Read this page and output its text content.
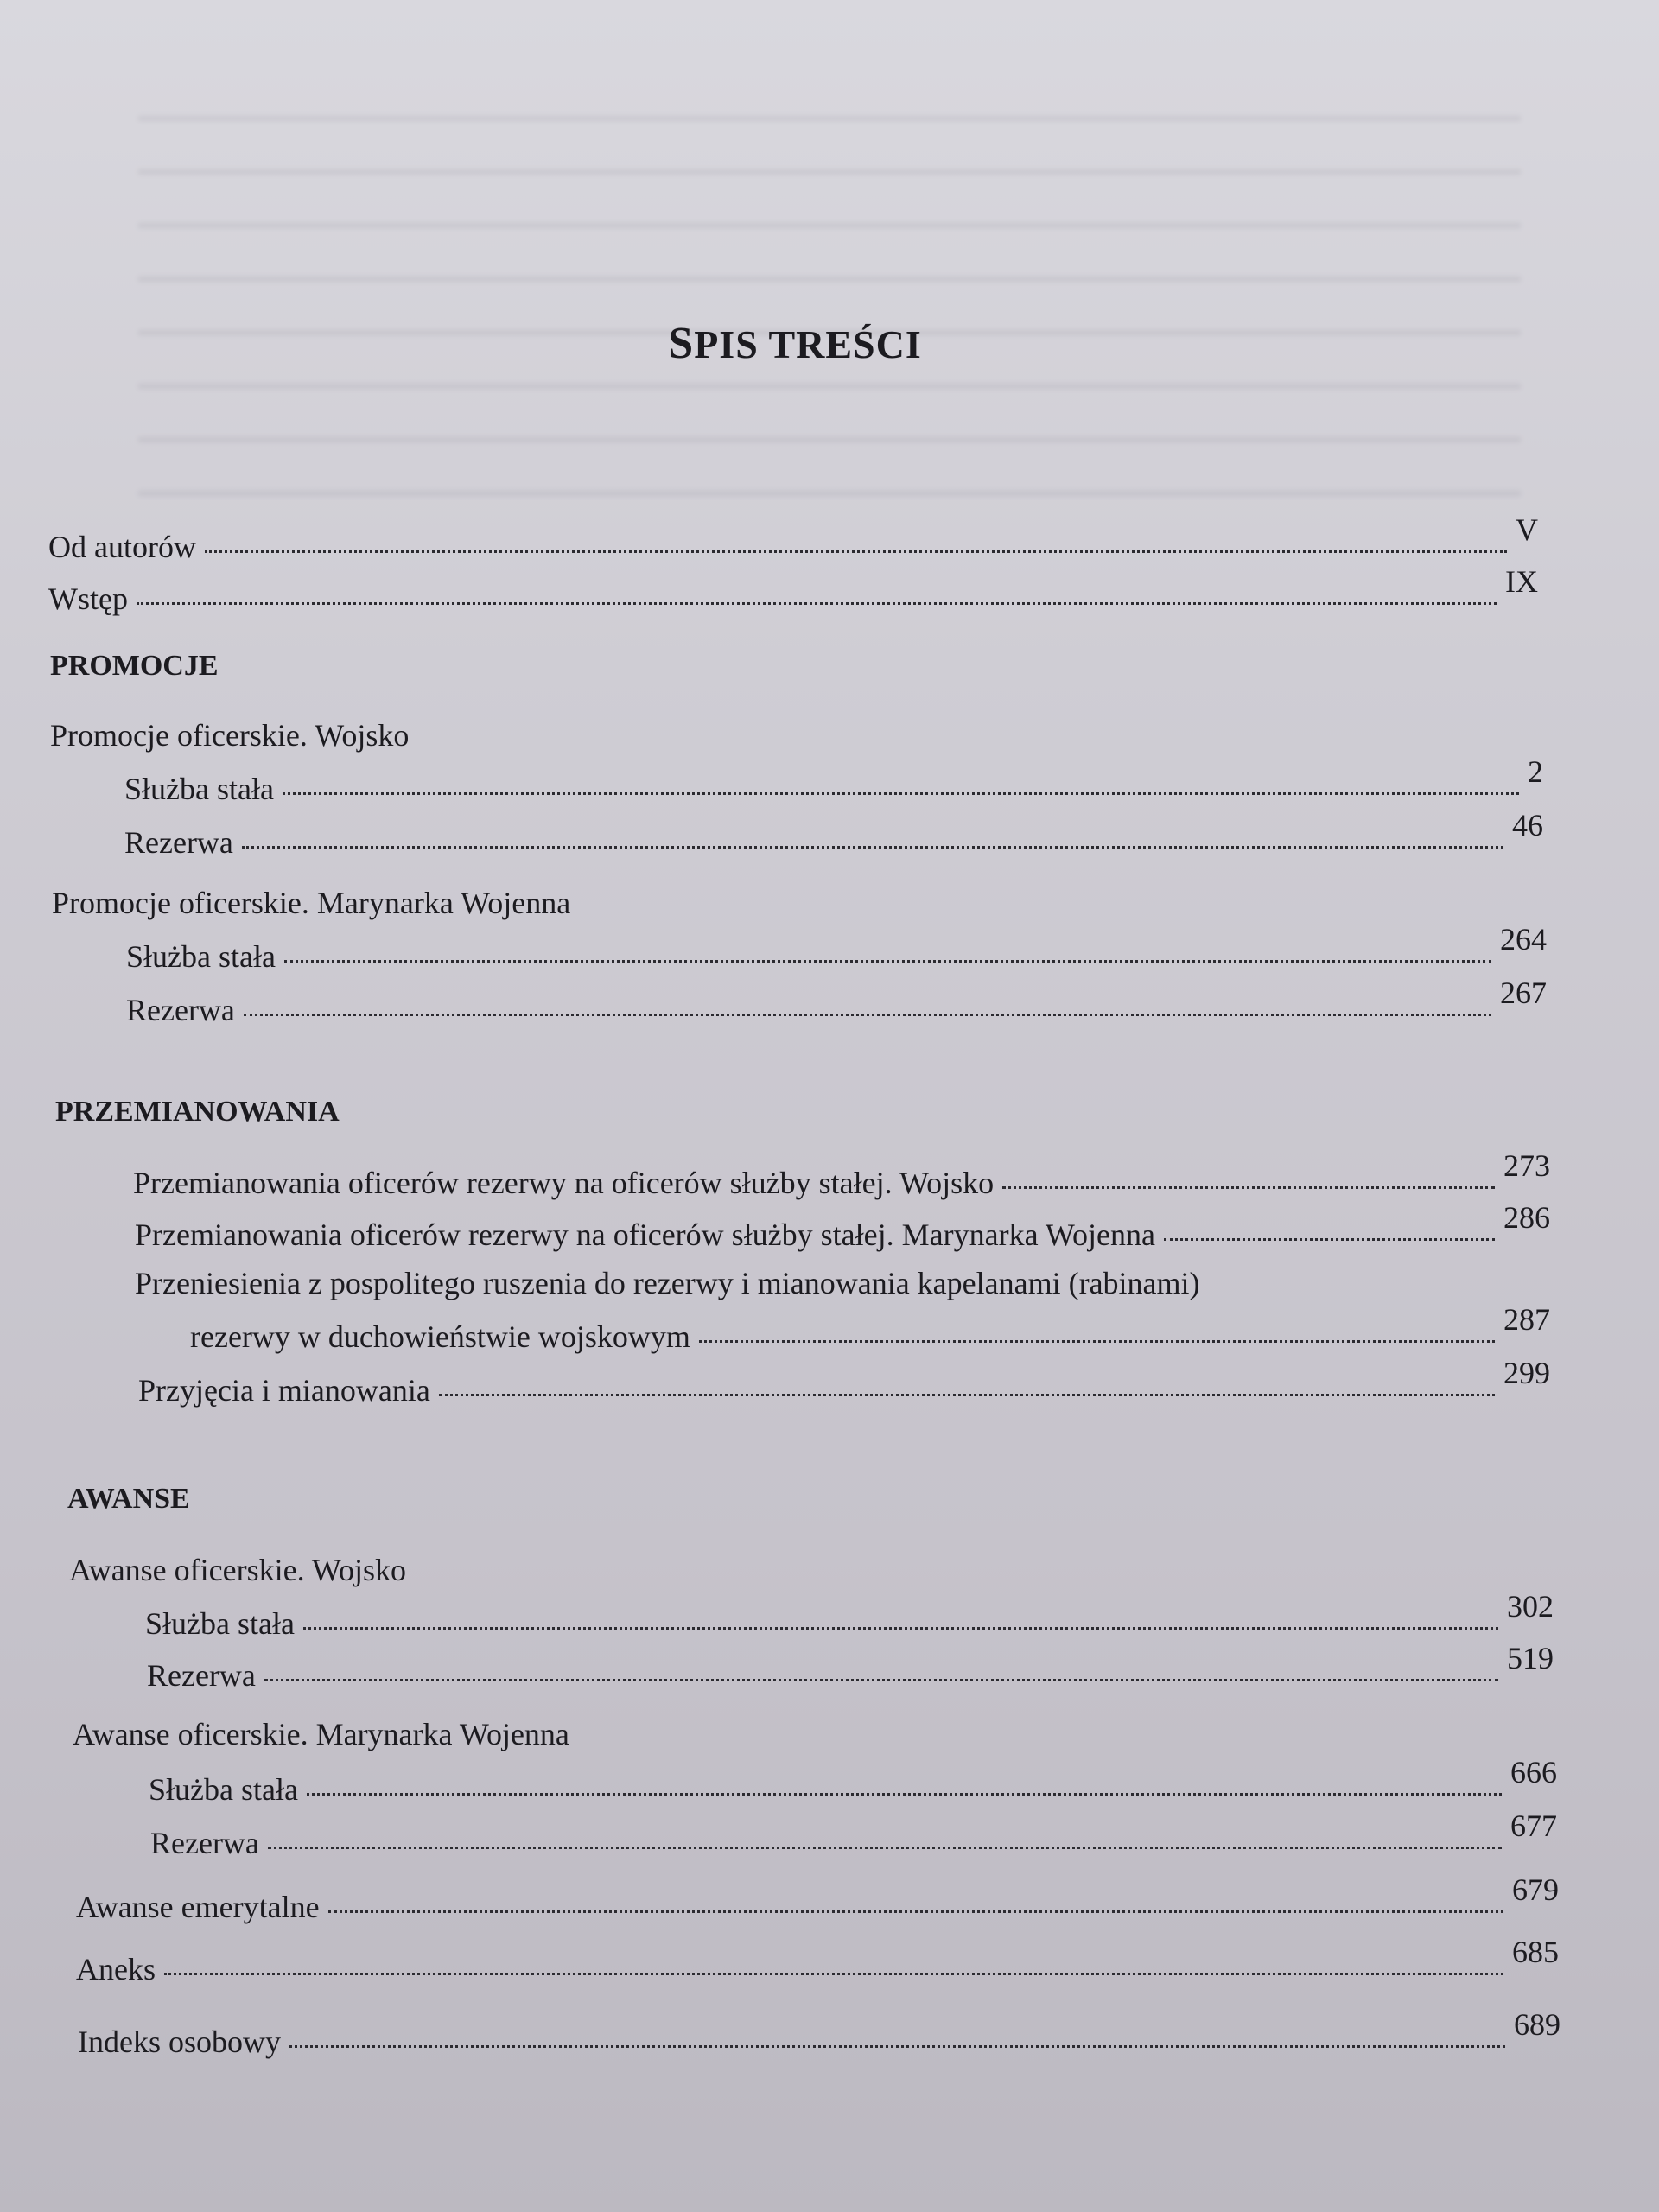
SPIS TREŚCI
Od autorów	V
Wstęp	IX
PROMOCJE
Promocje oficerskie. Wojsko
Służba stała	2
Rezerwa	46
Promocje oficerskie. Marynarka Wojenna
Służba stała	264
Rezerwa	267
PRZEMIANOWANIA
Przemianowania oficerów rezerwy na oficerów służby stałej. Wojsko	273
Przemianowania oficerów rezerwy na oficerów służby stałej. Marynarka Wojenna	286
Przeniesienia z pospolitego ruszenia do rezerwy i mianowania kapelanami (rabinami)
rezerwy w duchowieństwie wojskowym	287
Przyjęcia i mianowania	299
AWANSE
Awanse oficerskie. Wojsko
Służba stała	302
Rezerwa	519
Awanse oficerskie. Marynarka Wojenna
Służba stała	666
Rezerwa	677
Awanse emerytalne	679
Aneks	685
Indeks osobowy	689
